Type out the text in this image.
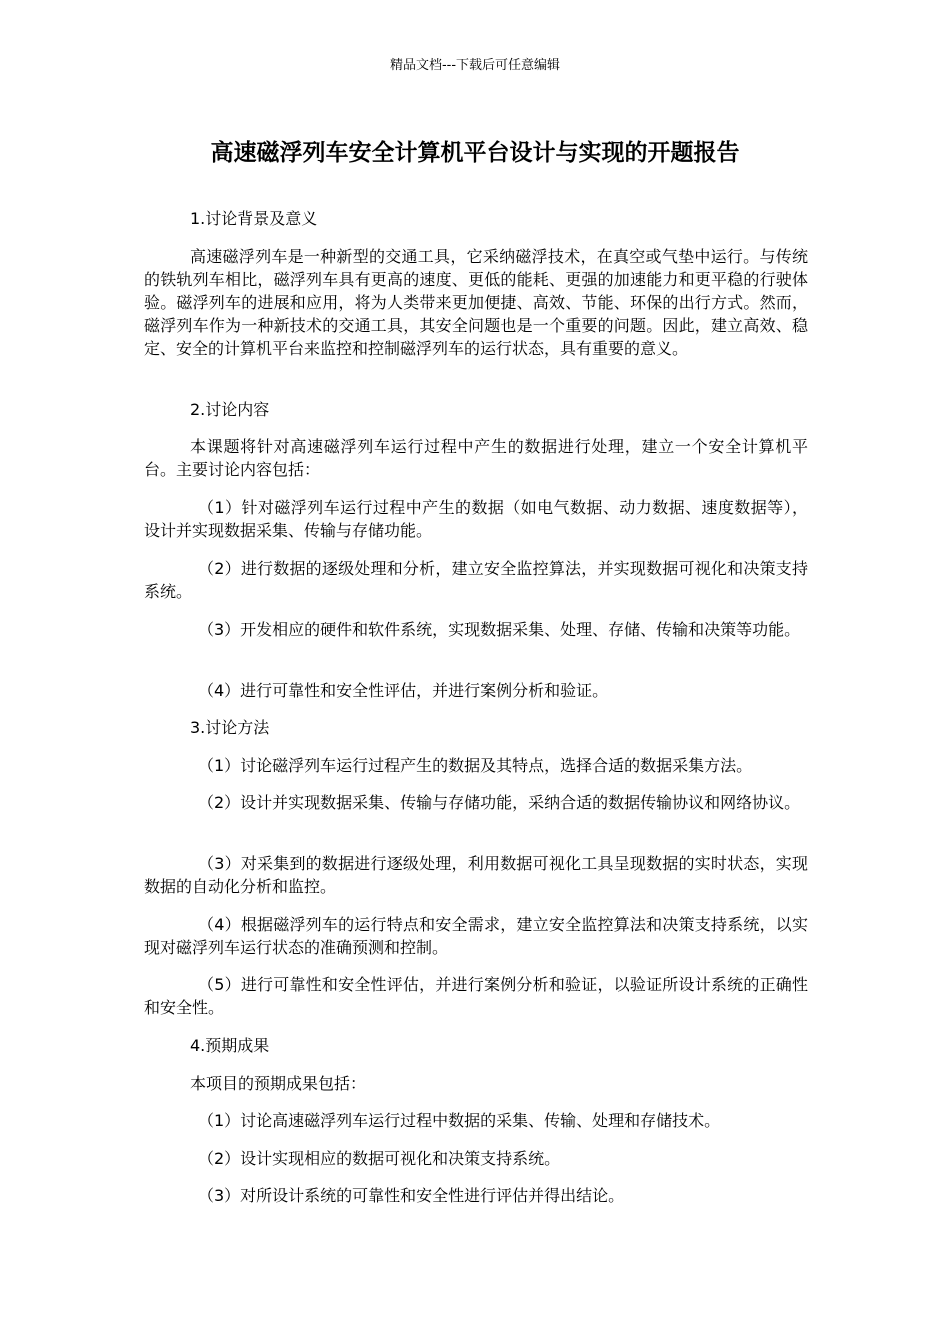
精品文档---下载后可任意编辑
高速磁浮列车安全计算机平台设计与实现的开题报告

1.讨论背景及意义

高速磁浮列车是一种新型的交通工具，它采纳磁浮技术，在真空或气垫中运行。与传统的铁轨列车相比，磁浮列车具有更高的速度、更低的能耗、更强的加速能力和更平稳的行驶体验。磁浮列车的进展和应用，将为人类带来更加便捷、高效、节能、环保的出行方式。然而，磁浮列车作为一种新技术的交通工具，其安全问题也是一个重要的问题。因此，建立高效、稳定、安全的计算机平台来监控和控制磁浮列车的运行状态，具有重要的意义。

2.讨论内容

本课题将针对高速磁浮列车运行过程中产生的数据进行处理，建立一个安全计算机平台。主要讨论内容包括：

（1）针对磁浮列车运行过程中产生的数据（如电气数据、动力数据、速度数据等），设计并实现数据采集、传输与存储功能。

（2）进行数据的逐级处理和分析，建立安全监控算法，并实现数据可视化和决策支持系统。

（3）开发相应的硬件和软件系统，实现数据采集、处理、存储、传输和决策等功能。

（4）进行可靠性和安全性评估，并进行案例分析和验证。

3.讨论方法

（1）讨论磁浮列车运行过程产生的数据及其特点，选择合适的数据采集方法。

（2）设计并实现数据采集、传输与存储功能，采纳合适的数据传输协议和网络协议。

（3）对采集到的数据进行逐级处理，利用数据可视化工具呈现数据的实时状态，实现数据的自动化分析和监控。

（4）根据磁浮列车的运行特点和安全需求，建立安全监控算法和决策支持系统，以实现对磁浮列车运行状态的准确预测和控制。

（5）进行可靠性和安全性评估，并进行案例分析和验证，以验证所设计系统的正确性和安全性。

4.预期成果

本项目的预期成果包括：

（1）讨论高速磁浮列车运行过程中数据的采集、传输、处理和存储技术。

（2）设计实现相应的数据可视化和决策支持系统。

（3）对所设计系统的可靠性和安全性进行评估并得出结论。
